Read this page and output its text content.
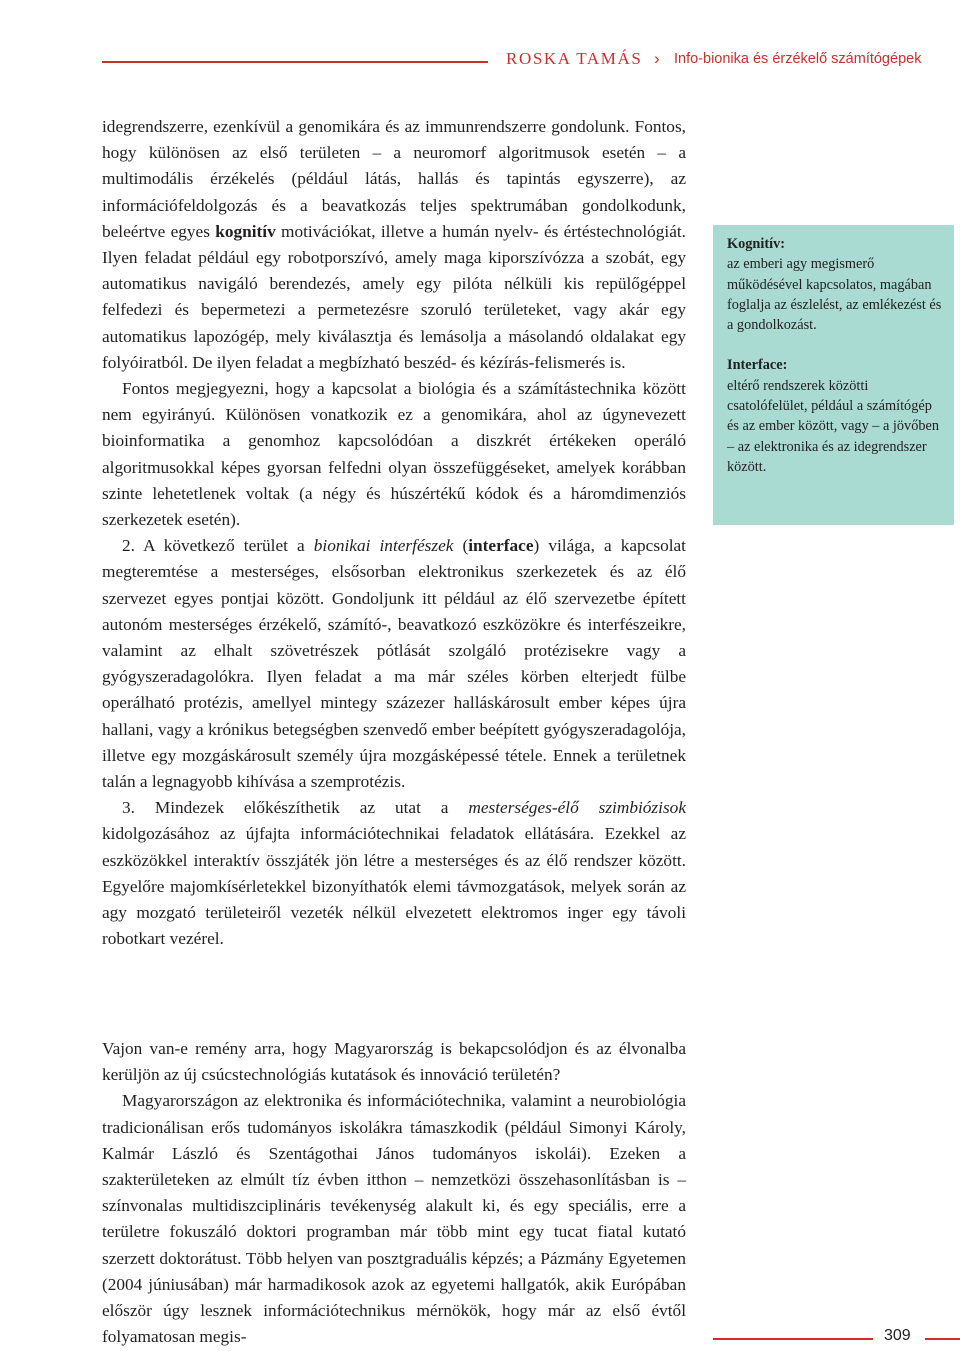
ROSKA TAMÁS › Info-bionika és érzékelő számítógépek

idegrendszerre, ezenkívül a genomikára és az immunrendszerre gondolunk. Fontos, hogy különösen az első területen – a neuromorf algoritmusok esetén – a multimodális érzékelés (például látás, hallás és tapintás egyszerre), az információfeldolgozás és a beavatkozás teljes spektrumában gondolkodunk, beleértve egyes kognitív motivációkat, illetve a humán nyelv- és értéstechnológiát. Ilyen feladat például egy robotporszívó, amely maga kiporszívózza a szobát, egy automatikus navigáló berendezés, amely egy pilóta nélküli kis repülőgéppel felfedezi és bepermetezi a permetezésre szoruló területeket, vagy akár egy automatikus lapozógép, mely kiválasztja és lemásolja a másolandó oldalakat egy folyóiratból. De ilyen feladat a megbízható beszéd- és kézírás-felismerés is.

Fontos megjegyezni, hogy a kapcsolat a biológia és a számítástechnika között nem egyirányú. Különösen vonatkozik ez a genomikára, ahol az úgynevezett bioinformatika a genomhoz kapcsolódóan a diszkrét értékeken operáló algoritmusokkal képes gyorsan felfedni olyan összefüggéseket, amelyek korábban szinte lehetetlenek voltak (a négy és húszértékű kódok és a háromdimenziós szerkezetek esetén).

2. A következő terület a bionikai interfészek (interface) világa, a kapcsolat megteremtése a mesterséges, elsősorban elektronikus szerkezetek és az élő szervezet egyes pontjai között. Gondoljunk itt például az élő szervezetbe épített autonóm mesterséges érzékelő, számító-, beavatkozó eszközökre és interfészeikre, valamint az elhalt szövetrészek pótlását szolgáló protézisekre vagy a gyógyszeradagolókra. Ilyen feladat a ma már széles körben elterjedt fülbe operálható protézis, amellyel mintegy százezer halláskárosult ember képes újra hallani, vagy a krónikus betegségben szenvedő ember beépített gyógyszeradagolója, illetve egy mozgáskárosult személy újra mozgásképessé tétele. Ennek a területnek talán a legnagyobb kihívása a szemprotézis.

3. Mindezek előkészíthetik az utat a mesterséges-élő szimbiózisok kidolgozásához az újfajta információtechnikai feladatok ellátására. Ezekkel az eszközökkel interaktív összjáték jön létre a mesterséges és az élő rendszer között. Egyelőre majomkísérletekkel bizonyíthatók elemi távmozgatások, melyek során az agy mozgató területeiről vezeték nélkül elvezetett elektromos inger egy távoli robotkart vezérel.

Vajon van-e remény arra, hogy Magyarország is bekapcsolódjon és az élvonalba kerüljön az új csúcstechnológiás kutatások és innováció területén?

Magyarországon az elektronika és információtechnika, valamint a neurobiológia tradicionálisan erős tudományos iskolákra támaszkodik (például Simonyi Károly, Kalmár László és Szentágothai János tudományos iskolái). Ezeken a szakterületeken az elmúlt tíz évben itthon – nemzetközi összehasonlításban is – színvonalas multidiszciplináris tevékenység alakult ki, és egy speciális, erre a területre fokuszáló doktori programban már több mint egy tucat fiatal kutató szerzett doktorátust. Több helyen van posztgraduális képzés; a Pázmány Egyetemen (2004 júniusában) már harmadikosok azok az egyetemi hallgatók, akik Európában először úgy lesznek információtechnikus mérnökök, hogy már az első évtől folyamatosan megis-

Kognitív:
az emberi agy megismerő működésével kapcsolatos, magában foglalja az észlelést, az emlékezést és a gondolkozást.
Interface:
eltérő rendszerek közötti csatolófelület, például a számítógép és az ember között, vagy – a jövőben – az elektronika és az idegrendszer között.
309
